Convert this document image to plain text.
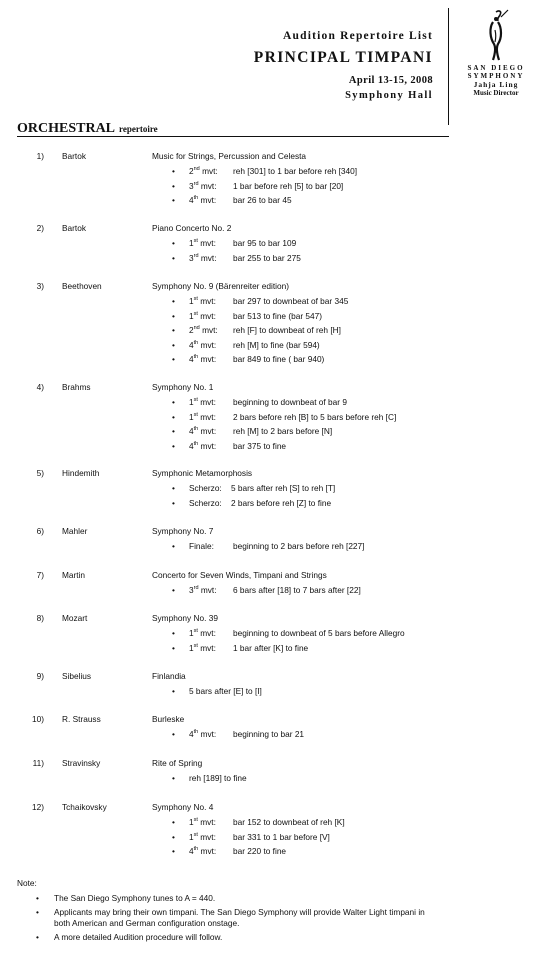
Audition Repertoire List
PRINCIPAL TIMPANI
April 13-15, 2008
Symphony Hall
SAN DIEGO
SYMPHONY
Jahja Ling
Music Director
ORCHESTRAL repertoire
1) Bartok	Music for Strings, Percussion and Celesta
• 2nd mvt: reh [301] to 1 bar before reh [340]
• 3rd mvt: 1 bar before reh [5] to bar [20]
• 4th mvt: bar 26 to bar 45
2) Bartok	Piano Concerto No. 2
• 1st mvt: bar 95 to bar 109
• 3rd mvt: bar 255 to bar 275
3) Beethoven	Symphony No. 9 (Bärenreiter edition)
• 1st mvt: bar 297 to downbeat of bar 345
• 1st mvt: bar 513 to fine (bar 547)
• 2nd mvt: reh [F] to downbeat of reh [H]
• 4th mvt: reh [M] to fine (bar 594)
• 4th mvt: bar 849 to fine ( bar 940)
4) Brahms	Symphony No. 1
• 1st mvt: beginning to downbeat of bar 9
• 1st mvt: 2 bars before reh [B] to 5 bars before reh [C]
• 4th mvt: reh [M] to 2 bars before [N]
• 4th mvt: bar 375 to fine
5) Hindemith	Symphonic Metamorphosis
• Scherzo: 5 bars after reh [S] to reh [T]
• Scherzo: 2 bars before reh [Z] to fine
6) Mahler	Symphony No. 7
• Finale: beginning to 2 bars before reh [227]
7) Martin	Concerto for Seven Winds, Timpani and Strings
• 3rd mvt: 6 bars after [18] to 7 bars after [22]
8) Mozart	Symphony No. 39
• 1st mvt: beginning to downbeat of 5 bars before Allegro
• 1st mvt: 1 bar after [K] to fine
9) Sibelius	Finlandia
• 5 bars after [E] to [I]
10) R. Strauss	Burleske
• 4th mvt: beginning to bar 21
11) Stravinsky	Rite of Spring
• reh [189] to fine
12) Tchaikovsky	Symphony No. 4
• 1st mvt: bar 152 to downbeat of reh [K]
• 1st mvt: bar 331 to 1 bar before [V]
• 4th mvt: bar 220 to fine
Note:
• The San Diego Symphony tunes to A = 440.
• Applicants may bring their own timpani. The San Diego Symphony will provide Walter Light timpani in both American and German configuration onstage.
• A more detailed Audition procedure will follow.
